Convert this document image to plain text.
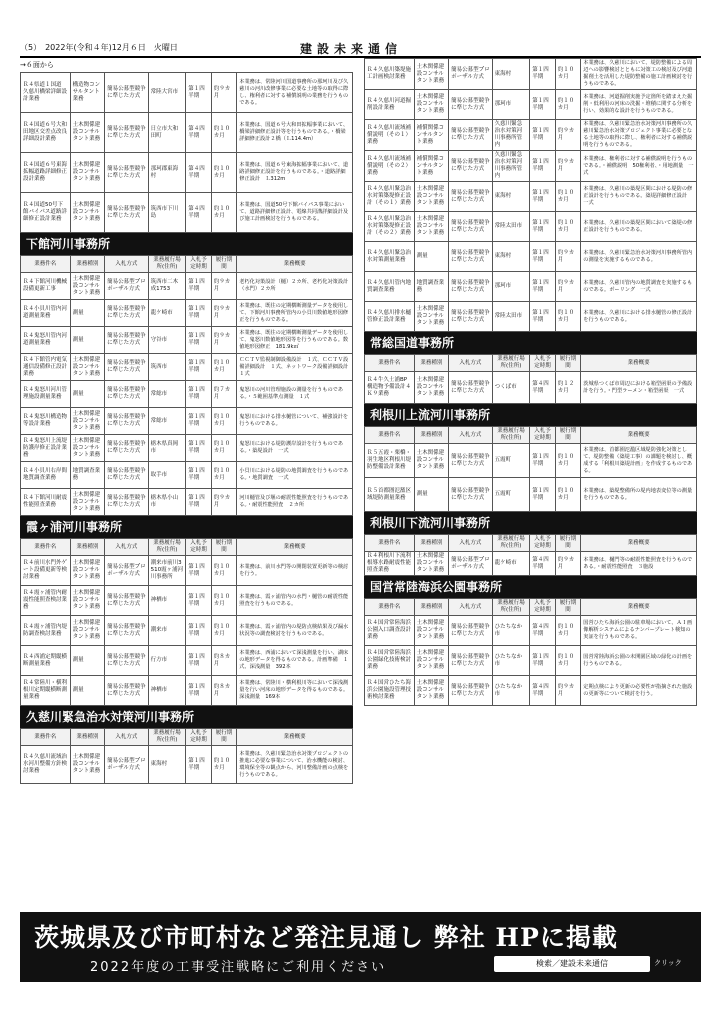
（5）　2022年(令和４年)12月６日　火曜日	建設未来通信
→６面から
Ｒ４県道１国道　久慈川橋梁詳細設計業務	構造物コンサルタント業務	簡易公募型競争に準じた方式	常陸大宮市	第１四半期	約９カ月	本業務は、常陸河川国道事務所の那珂川及び久慈川の河川改修事業に必要な土地等の取得に際し、権利者に対する補償説明の業務を行うものである。
Ｒ４国道６号大和田地区交差点改良詳細設計業務	土木関係建設コンサルタント業務	簡易公募型競争に準じた方式	日立市大和田町	第４四半期	約１０カ月	本業務は、国道６号大和田拡幅事業において、橋梁詳細修正設計等を行うものである。・橋梁詳細修正設計２橋（Ｌ114.4m）
Ｒ４国道６号東海拡幅道路詳細修正設計業務	土木関係建設コンサルタント業務	簡易公募型競争に準じた方式	那珂郡東海村	第４四半期	約１０カ月	本業務は、国道６号東海拡幅事業において、道路詳細修正設計を行うものである。・道路詳細修正設計　Ｌ312m
Ｒ４国道50号下館バイパス道路詳細修正設計業務	土木関係建設コンサルタント業務	簡易公募型競争に準じた方式	筑西市下川島	第４四半期	約１０カ月	本業務は、国道50号下館バイパス事業において、道路詳細修正設計、電線共同溝詳細設計及び施工計画検討を行うものである。
下館河川事務所
業務件名	業務種別	入札方式	業務履行場所(住所)	入札予定時期	履行期間	業務概要
Ｒ４下館河川機械設備更新工事	土木関係建設コンサルタント業務	簡易公募型プロポーザル方式	筑西市二木成1753	第１四半期	約９カ月	老朽化対策設計（樋）２カ所、老朽化対策設計（水門）２カ所
Ｒ４小貝川管内河道測量業務	測量	簡易公募型競争に準じた方式	龍ケ崎市	第１四半期	約９カ月	本業務は、既往の定期横断測量データを使用して、下館河川事務所管内の小貝川数値地形図修正を行うものである。
Ｒ４鬼怒川管内河道測量業務	測量	簡易公募型競争に準じた方式	守谷市	第１四半期	約９カ月	本業務は、既往の定期横断測量データを使用して、鬼怒川数値地形図等を行うものである。数値地形図修正　181.9k㎡
Ｒ４下館管内電気通信設備修正設計業務	土木関係建設コンサルタント業務	簡易公募型競争に準じた方式	筑西市	第１四半期	約１０カ月	ＣＣＴＶ監視制御設備設計　１式、ＣＣＴＶ設備詳細設計　１式、ネットワーク設備詳細設計　１式
Ｒ４鬼怒川河川管理施設測量業務	測量	簡易公募型競争に準じた方式	常総市	第１四半期	約７カ月	鬼怒川の河川管理施設の測量を行うものである。・５範囲基準点測量　１式
Ｒ４鬼怒川構造物等設計業務	土木関係建設コンサルタント業務	簡易公募型競争に準じた方式	常総市	第１四半期	約１０カ月	鬼怒川における排水樋管について、補強設計を行うものである。
Ｒ４鬼怒川上流堤防護岸修正設計業務	土木関係建設コンサルタント業務	簡易公募型競争に準じた方式	栃木県真岡市	第１四半期	約１０カ月	鬼怒川における堤防護岸設計を行うものである。・築堤設計　一式
Ｒ４小貝川右岸間地質調査業務	地質調査業務	簡易公募型競争に準じた方式	取手市	第１四半期	約１０カ月	小貝川における堤防の地質調査を行うものである。・地質調査　一式
Ｒ４下館河川耐震性能照査業務	土木関係建設コンサルタント業務	簡易公募型競争に準じた方式	栃木県小山市	第１四半期	約９カ月	河川樋管及び堰の耐震性能照査を行うものである。・耐震性能照査　２カ所
霞ヶ浦河川事務所
業務件名	業務種別	入札方式	業務履行場所(住所)	入札予定時期	履行期間	業務概要
Ｒ４前川水門外ゲート設備更新等検討業務	土木関係建設コンサルタント業務	簡易公募型プロポーザル方式	潮来市前川3510霞ヶ浦河川事務所	第１四半期	約１０カ月	本業務は、前川水門等の開閉装置更新等の検討を行う。
Ｒ４霞ヶ浦管内耐震性能照査検討業務	土木関係建設コンサルタント業務	簡易公募型競争に準じた方式	神栖市	第１四半期	約１０カ月	本業務は、霞ヶ浦管内の水門・樋管の耐震性能照査を行うものである。
Ｒ４霞ヶ浦管内堤防調査検討業務	土木関係建設コンサルタント業務	簡易公募型競争に準じた方式	潮来市	第１四半期	約１０カ月	本業務は、霞ヶ浦管内の堤防点検結果及び漏水状況等の調査検討を行うものである。
Ｒ４西浦定期縦横断測量業務	測量	簡易公募型競争に準じた方式	行方市	第１四半期	約８カ月	本業務は、西浦において深浅測量を行い、湖床の地形データを得るものである。計画準備　１式、深浅測量　392本
Ｒ４常陸川・横利根川定期縦横断測量業務	測量	簡易公募型競争に準じた方式	神栖市	第１四半期	約８カ月	本業務は、常陸川・横利根川等において深浅測量を行い河床の地形データを得るものである。深浅測量　169本
久慈川緊急治水対策河川事務所
業務件名	業務種別	入札方式	業務履行場所(住所)	入札予定時期	履行期間	業務概要
Ｒ４久慈川流域治水河川整備方針検討業務	土木関係建設コンサルタント業務	簡易公募型プロポーザル方式	東海村	第１四半期	約１０カ月	本業務は、久慈川緊急治水対策プロジェクトの推進に必要な事業について、治水機能の検討、環境保全等の観点から、河川整備計画の点検を行うものである。
Ｒ４久慈川築堤施工計画検討業務	土木関係建設コンサルタント業務	簡易公募型プロポーザル方式	東海村	第１四半期	約１０カ月	本業務は、久慈川において、堤防整備による周辺への影響検討とともに対策工の検討及び河道掘削土を活用した堤防整備の施工計画検討を行うものである。
Ｒ４久慈川河道掘削設計業務	土木関係建設コンサルタント業務	簡易公募型競争に準じた方式	那珂市	第１四半期	約１０カ月	本業務は、河道掘削実施予定箇所を踏まえた掘削・低利用の河床の洗掘・堆積に関する分析を行い、効果的な設計を行うものである。
Ｒ４久慈川流域補償説明（その１）業務	補償関係コンサルタント業務	簡易公募型競争に準じた方式	久慈川緊急治水対策河川事務所管内	第１四半期	約９カ月	本業務は、久慈川緊急治水対策河川事務所の久慈川緊急治水対策プロジェクト事業に必要となる土地等の取得に際し、権利者に対する補償説明を行うものである。
Ｒ４久慈川流域補償説明（その２）業務	補償関係コンサルタント業務	簡易公募型競争に準じた方式	久慈川緊急治水対策河川事務所管内	第１四半期	約９カ月	本業務は、権利者に対する補償説明を行うものである。・補償説明　50権利者、・用地測量　一式
Ｒ４久慈川緊急治水対策築堤修正設計（その１）業務	土木関係建設コンサルタント業務	簡易公募型競争に準じた方式	東海村	第１四半期	約１０カ月	本業務は、久慈川の築堤区間における堤防の修正設計を行うものである。築堤詳細修正設計　一式
Ｒ４久慈川緊急治水対策築堤修正設計（その２）業務	土木関係建設コンサルタント業務	簡易公募型競争に準じた方式	常陸太田市	第１四半期	約１０カ月	本業務は、久慈川の築堤区間において築堤の修正設計を行うものである。
Ｒ４久慈川緊急治水対策測量業務	測量	簡易公募型競争に準じた方式	東海村	第１四半期	約９カ月	本業務は、久慈川緊急治水対策河川事務所管内の測量を実施するものである。
Ｒ４久慈川管内地質調査業務	地質調査業務	簡易公募型競争に準じた方式	那珂市	第１四半期	約９カ月	本業務は、久慈川管内の地質調査を実施するものである。ボーリング　一式
Ｒ４久慈川排水樋管修正設計業務	土木関係建設コンサルタント業務	簡易公募型競争に準じた方式	常陸太田市	第１四半期	約１０カ月	本業務は、久慈川における排水樋管の修正設計を行うものである。
常総国道事務所
業務件名	業務種別	入札方式	業務履行場所(住所)	入札予定時期	履行期間	業務概要
Ｒ４牛久土浦BP構造物予備設計４Ｋ９業務	土木関係建設コンサルタント業務	簡易公募型競争に準じた方式	つくば市	第４四半期	約１２カ月	茨城県つくば市周辺における箱型函渠の予備設計を行う。・門型ラーメン・箱型函渠　一式
利根川上流河川事務所
業務件名	業務種別	入札方式	業務履行場所(住所)	入札予定時期	履行期間	業務概要
Ｒ５五霞・栗橋・羽生地区利根川堤防整備設計業務	土木関係建設コンサルタント業務	簡易公募型競争に準じた方式	五霞町	第１四半期	約１０カ月	本業務は、首都圏氾濫区域堤防強化対策として、堤防整備（築堤工事）の課題を検討し、概成する「利根川築堤計画」を作成するものである。
Ｒ５首都圏氾濫区域堤防測量業務	測量	簡易公募型競争に準じた方式	五霞町	第１四半期	約１０カ月	本業務は、築堤整備所の堤内地表変位等の測量を行うものである。
利根川下流河川事務所
業務件名	業務種別	入札方式	業務履行場所(住所)	入札予定時期	履行期間	業務概要
Ｒ４利根川下流利根導水路耐震性能照査業務	土木関係建設コンサルタント業務	簡易公募型プロポーザル方式	龍ケ崎市	第４四半期	約９カ月	本業務は、樋門等の耐震性能照査を行うものである。・耐震性能照査　３施設
国営常陸海浜公園事務所
業務件名	業務種別	入札方式	業務履行場所(住所)	入札予定時期	履行期間	業務概要
Ｒ４国営常陸海浜公園入口調査設計業務	土木関係建設コンサルタント業務	簡易公募型競争に準じた方式	ひたちなか市	第４四半期	約１０カ月	国営ひたち海浜公園の駐車場において、ＡＩ画像解析システムによるナンバープレート検知の実証を行うものである。
Ｒ４国営常陸海浜公園緑化技術検討業務	土木関係建設コンサルタント業務	簡易公募型競争に準じた方式	ひたちなか市	第１四半期	約１０カ月	国営常陸海浜公園の未開園区域の緑化の計画を行うものである。
Ｒ４国営ひたち海浜公園施設管理技術検討業務	土木関係建設コンサルタント業務	簡易公募型競争に準じた方式	ひたちなか市	第４四半期	約９カ月	定期点検により更新の必要性が指摘された施設の更新等について検討を行う。
茨城県及び市町村など発注見通し 弊社 HPに掲載
2022年度の工事受注戦略にご利用ください	検索／建設未来通信	☛ クリック
